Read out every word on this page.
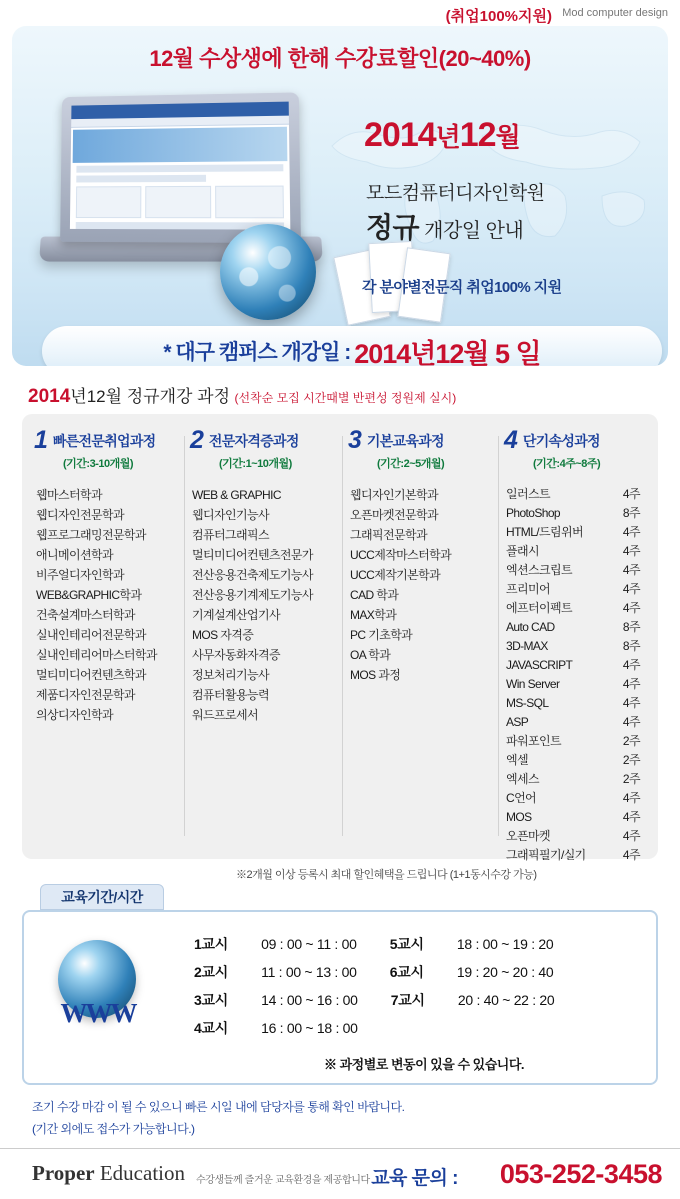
(취업100%지원) Mod computer design
12월 수상생에 한해 수강료할인(20~40%)
2014년12월
모드컴퓨터디자인학원
정규 개강일 안내
각 분야별전문직 취업100% 지원
* 대구 캠퍼스 개강일 : 2014년12월 5 일
2014년12월 정규개강 과정 (선착순 모집 시간때별 반편성 정원제 실시)
1 빠른전문취업과정
(기간:3-10개월)
웹마스터학과
웹디자인전문학과
웹프로그래밍전문학과
애니메이션학과
비주얼디자인학과
WEB&GRAPHIC학과
건축설계마스터학과
실내인테리어전문학과
실내인테리어마스터학과
멀티미디어컨텐츠학과
제품디자인전문학과
의상디자인학과
2 전문자격증과정
(기간:1~10개월)
WEB & GRAPHIC
웹디자인기능사
컴퓨터그래픽스
멀티미디어컨텐츠전문가
전산응용건축제도기능사
전산응용기계제도기능사
기계설계산업기사
MOS 자격증
사무자동화자격증
정보처리기능사
컴퓨터활용능력
워드프로세서
3 기본교육과정
(기간:2~5개월)
웹디자인기본학과
오픈마켓전문학과
그래픽전문학과
UCC제작마스터학과
UCC제작기본학과
CAD 학과
MAX학과
PC 기초학과
OA 학과
MOS 과정
4 단기속성과정
(기간:4주~8주)
일러스트	4주
PhotoShop	8주
HTML/드림위버	4주
플래시	4주
엑션스크립트	4주
프리미어	4주
에프터이펙트	4주
Auto CAD	8주
3D-MAX	8주
JAVASCRIPT	4주
Win Server	4주
MS-SQL	4주
ASP	4주
파워포인트	2주
엑셀	2주
엑세스	2주
C언어	4주
MOS	4주
오픈마켓	4주
그래픽필기/실기	4주
※2개월 이상 등록시 최대 할인혜택을 드립니다 (1+1동시수강 가능)
교육기간/시간
WWW
1교시 09 : 00 ~ 11 : 00 5교시 18 : 00 ~ 19 : 20
2교시 11 : 00 ~ 13 : 00 6교시 19 : 20 ~ 20 : 40
3교시 14 : 00 ~ 16 : 00 7교시 20 : 40 ~ 22 : 20
4교시 16 : 00 ~ 18 : 00
※ 과정별로 변동이 있을 수 있습니다.
조기 수강 마감 이 될 수 있으니 빠른 시일 내에 담당자를 통해 확인 바랍니다.
(기간 외에도 접수가 가능합니다.)
Proper Education 수강생들께 즐거운 교육환경을 제공합니다 교육 문의 : 053-252-3458
